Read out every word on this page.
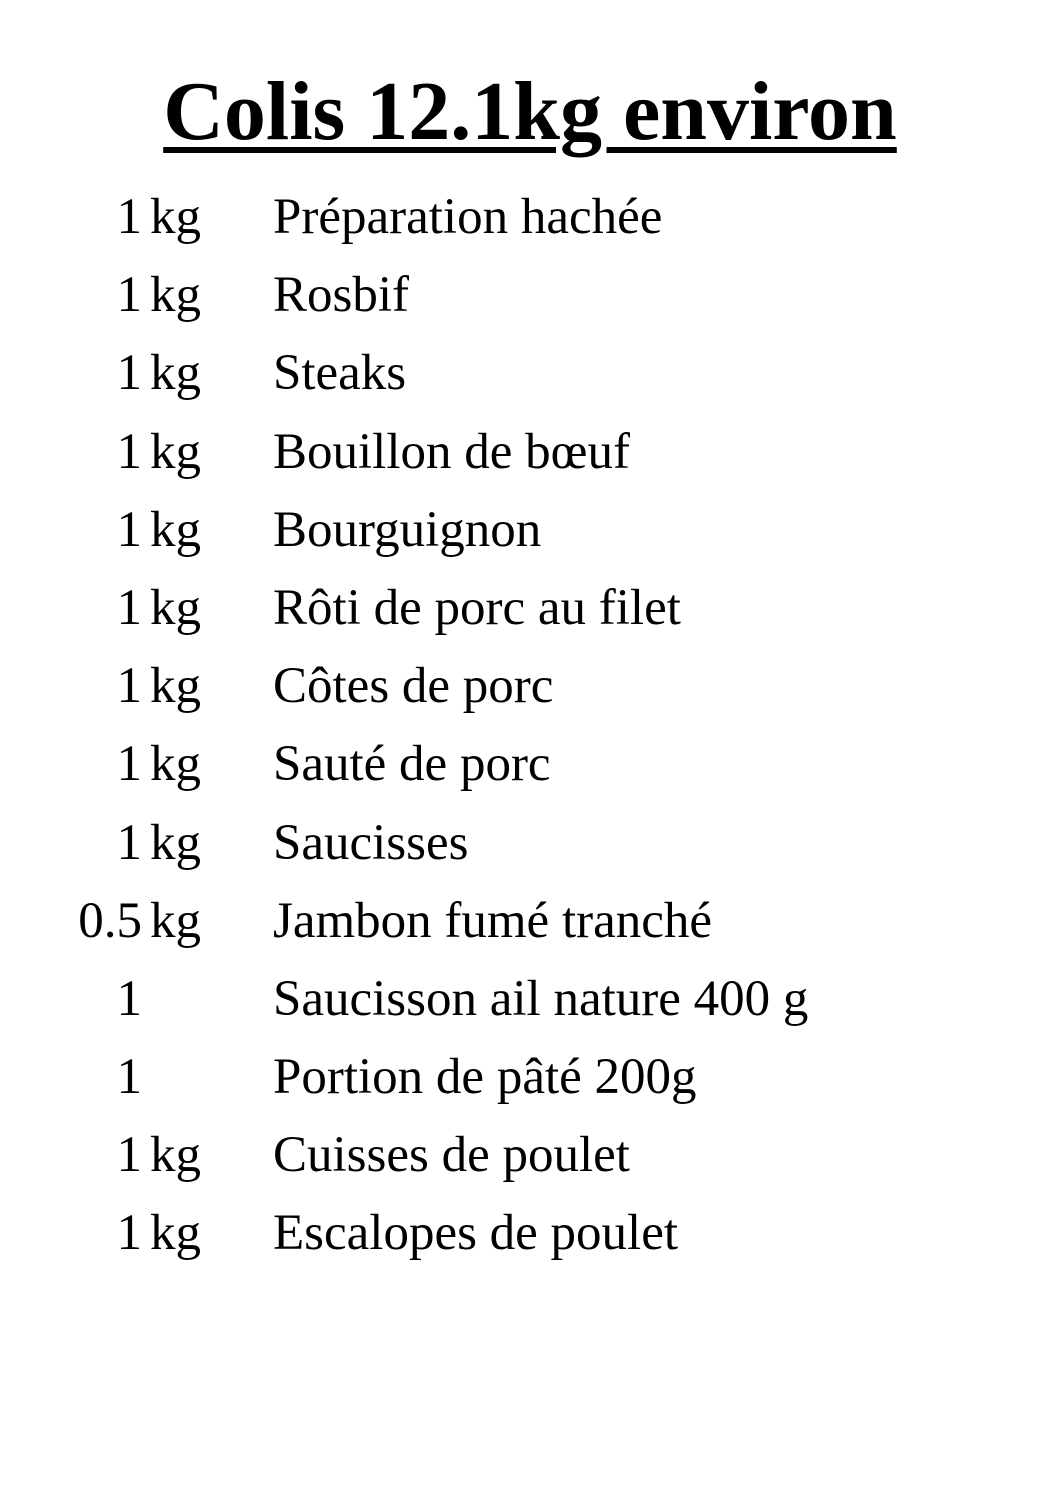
Colis 12.1kg environ
1 kg Préparation hachée
1 kg Rosbif
1 kg Steaks
1 kg Bouillon de bœuf
1 kg Bourguignon
1 kg Rôti de porc au filet
1 kg Côtes de porc
1 kg Sauté de porc
1 kg Saucisses
0.5 kg Jambon fumé tranché
1	Saucisson ail nature 400 g
1	Portion de pâté 200g
1 kg Cuisses de poulet
1 kg Escalopes de poulet
